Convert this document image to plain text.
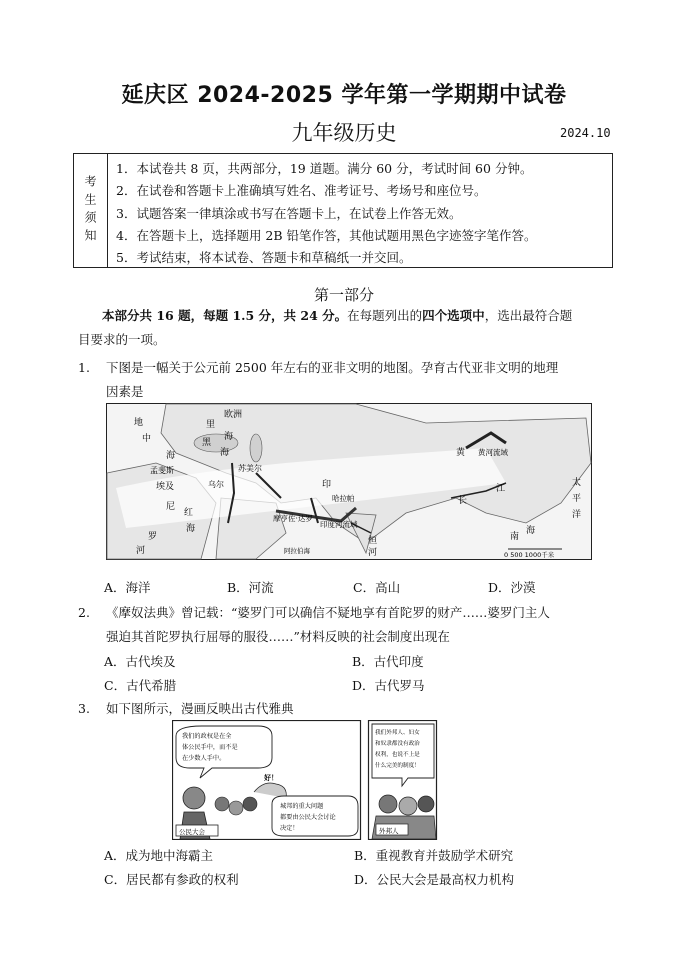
延庆区 2024-2025 学年第一学期期中试卷
九年级历史	2024.10
考生须知
1．本试卷共 8 页，共两部分，19 道题。满分 60 分，考试时间 60 分钟。
2．在试卷和答题卡上准确填写姓名、准考证号、考场号和座位号。
3．试题答案一律填涂或书写在答题卡上，在试卷上作答无效。
4．在答题卡上，选择题用 2B 铅笔作答，其他试题用黑色字迹签字笔作答。
5．考试结束，将本试卷、答题卡和草稿纸一并交回。
第一部分
本部分共 16 题，每题 1.5 分，共 24 分。在每题列出的四个选项中，选出最符合题
目要求的一项。
1.	下图是一幅关于公元前 2500 年左右的亚非文明的地图。孕育古代亚非文明的地理
因素是
欧洲
地
中
海
黑
海
里
海
印
孟斐斯
埃及
尼
罗
河
红
海
苏美尔
乌尔
摩亨佐·达罗
哈拉帕
印度河流域
恒
河
黄 黄河流域
长
江
太
平
洋
南
海
阿拉伯海	0 500 1000千米
A．海洋	B．河流	C．高山	D．沙漠
2.	《摩奴法典》曾记载：“婆罗门可以确信不疑地享有首陀罗的财产……婆罗门主人
强迫其首陀罗执行屈辱的服役……”材料反映的社会制度出现在
A．古代埃及	B．古代印度
C．古代希腊	D．古代罗马
3.	如下图所示，漫画反映出古代雅典
我们的政权是在全
体公民手中，而不是
在少数人手中。
公民大会
好！
城邦的重大问题
都要由公民大会讨论
决定！
我们外邦人、妇女
和奴隶都没有政治
权利，也说不上是
什么完美的制度！
外邦人
A．成为地中海霸主	B．重视教育并鼓励学术研究
C．居民都有参政的权利	D．公民大会是最高权力机构
